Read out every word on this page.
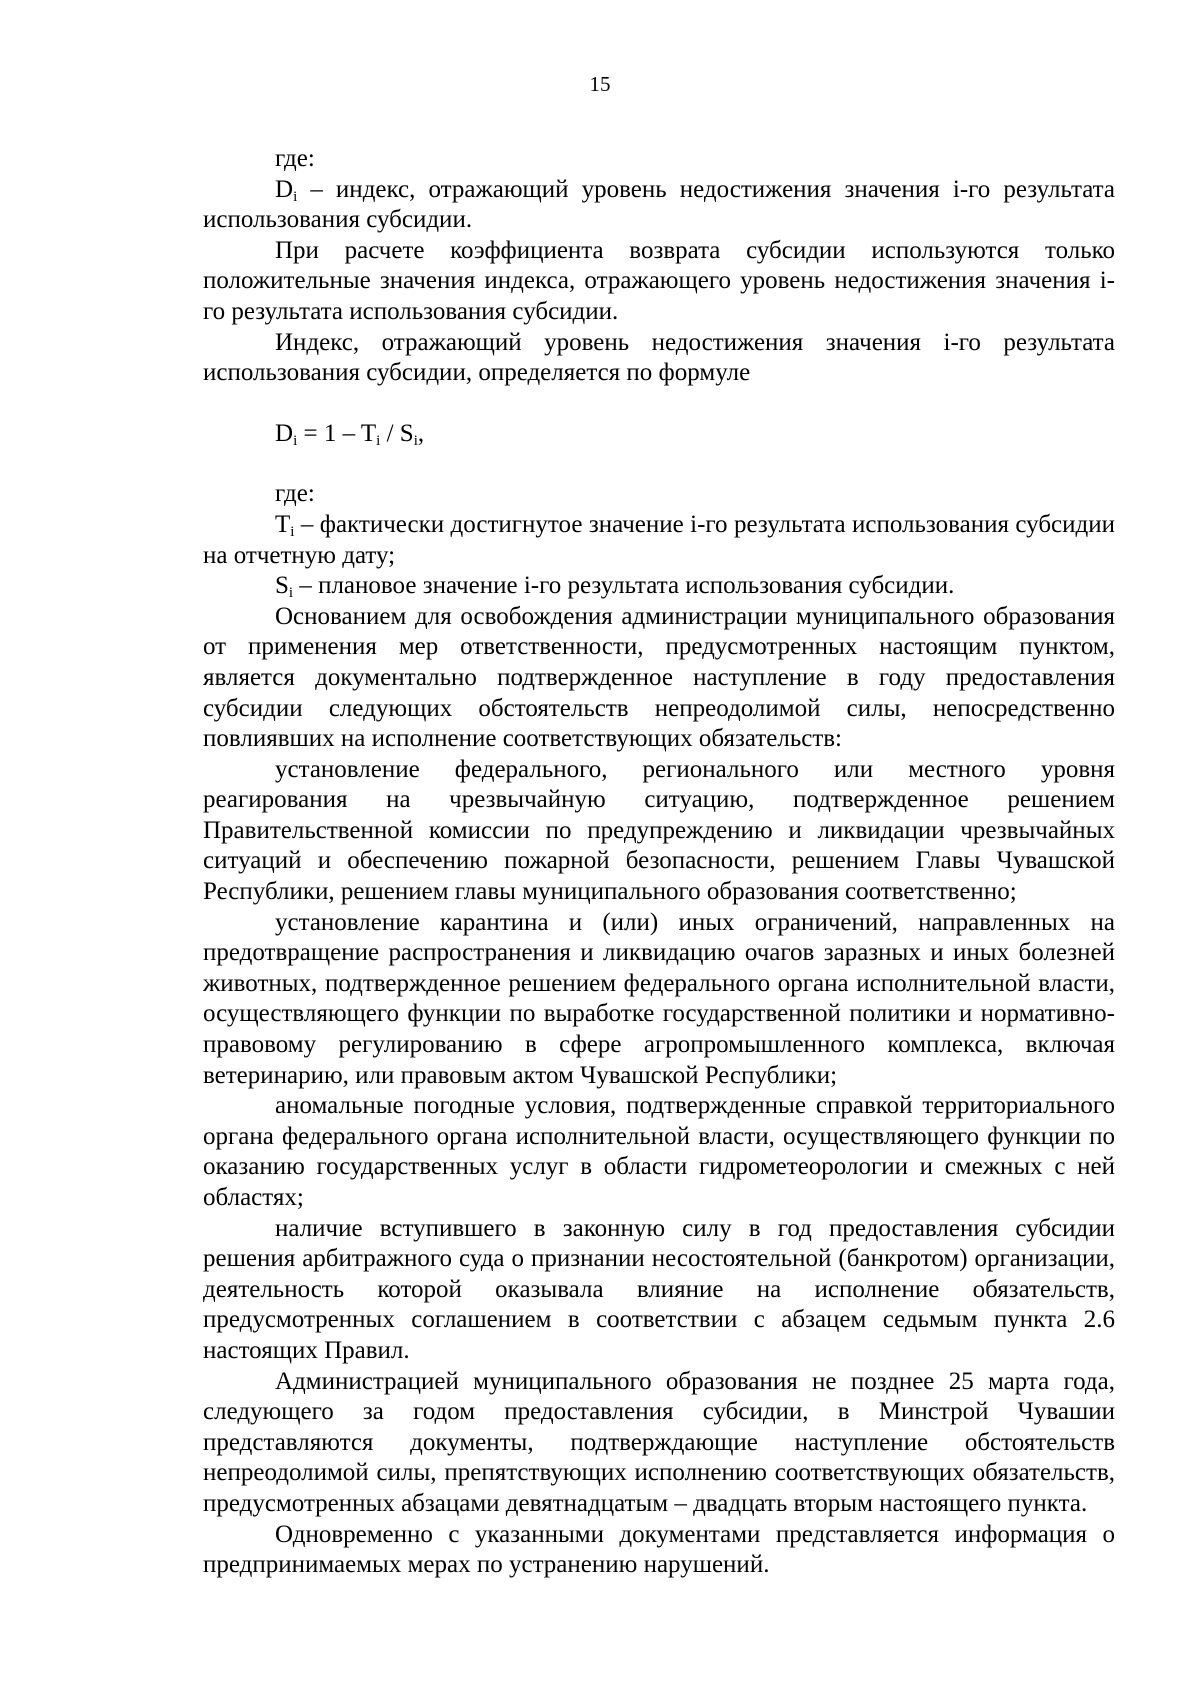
15

где:

$D_i$ – индекс, отражающий уровень недостижения значения i-го результата использования субсидии.

При расчете коэффициента возврата субсидии используются только положительные значения индекса, отражающего уровень недостижения значения i-го результата использования субсидии.

Индекс, отражающий уровень недостижения значения i-го результата использования субсидии, определяется по формуле

$D_i = 1 - T_i / S_i$,

где:

$T_i$ – фактически достигнутое значение i-го результата использования субсидии на отчетную дату;

$S_i$ – плановое значение i-го результата использования субсидии.

Основанием для освобождения администрации муниципального образования от применения мер ответственности, предусмотренных настоящим пунктом, является документально подтвержденное наступление в году предоставления субсидии следующих обстоятельств непреодолимой силы, непосредственно повлиявших на исполнение соответствующих обязательств:

установление федерального, регионального или местного уровня реагирования на чрезвычайную ситуацию, подтвержденное решением Правительственной комиссии по предупреждению и ликвидации чрезвычайных ситуаций и обеспечению пожарной безопасности, решением Главы Чувашской Республики, решением главы муниципального образования соответственно;

установление карантина и (или) иных ограничений, направленных на предотвращение распространения и ликвидацию очагов заразных и иных болезней животных, подтвержденное решением федерального органа исполнительной власти, осуществляющего функции по выработке государственной политики и нормативно-правовому регулированию в сфере агропромышленного комплекса, включая ветеринарию, или правовым актом Чувашской Республики;

аномальные погодные условия, подтвержденные справкой территориального органа федерального органа исполнительной власти, осуществляющего функции по оказанию государственных услуг в области гидрометеорологии и смежных с ней областях;

наличие вступившего в законную силу в год предоставления субсидии решения арбитражного суда о признании несостоятельной (банкротом) организации, деятельность которой оказывала влияние на исполнение обязательств, предусмотренных соглашением в соответствии с абзацем седьмым пункта 2.6 настоящих Правил.

Администрацией муниципального образования не позднее 25 марта года, следующего за годом предоставления субсидии, в Минстрой Чувашии представляются документы, подтверждающие наступление обстоятельств непреодолимой силы, препятствующих исполнению соответствующих обязательств, предусмотренных абзацами девятнадцатым – двадцать вторым настоящего пункта.

Одновременно с указанными документами представляется информация о предпринимаемых мерах по устранению нарушений.
